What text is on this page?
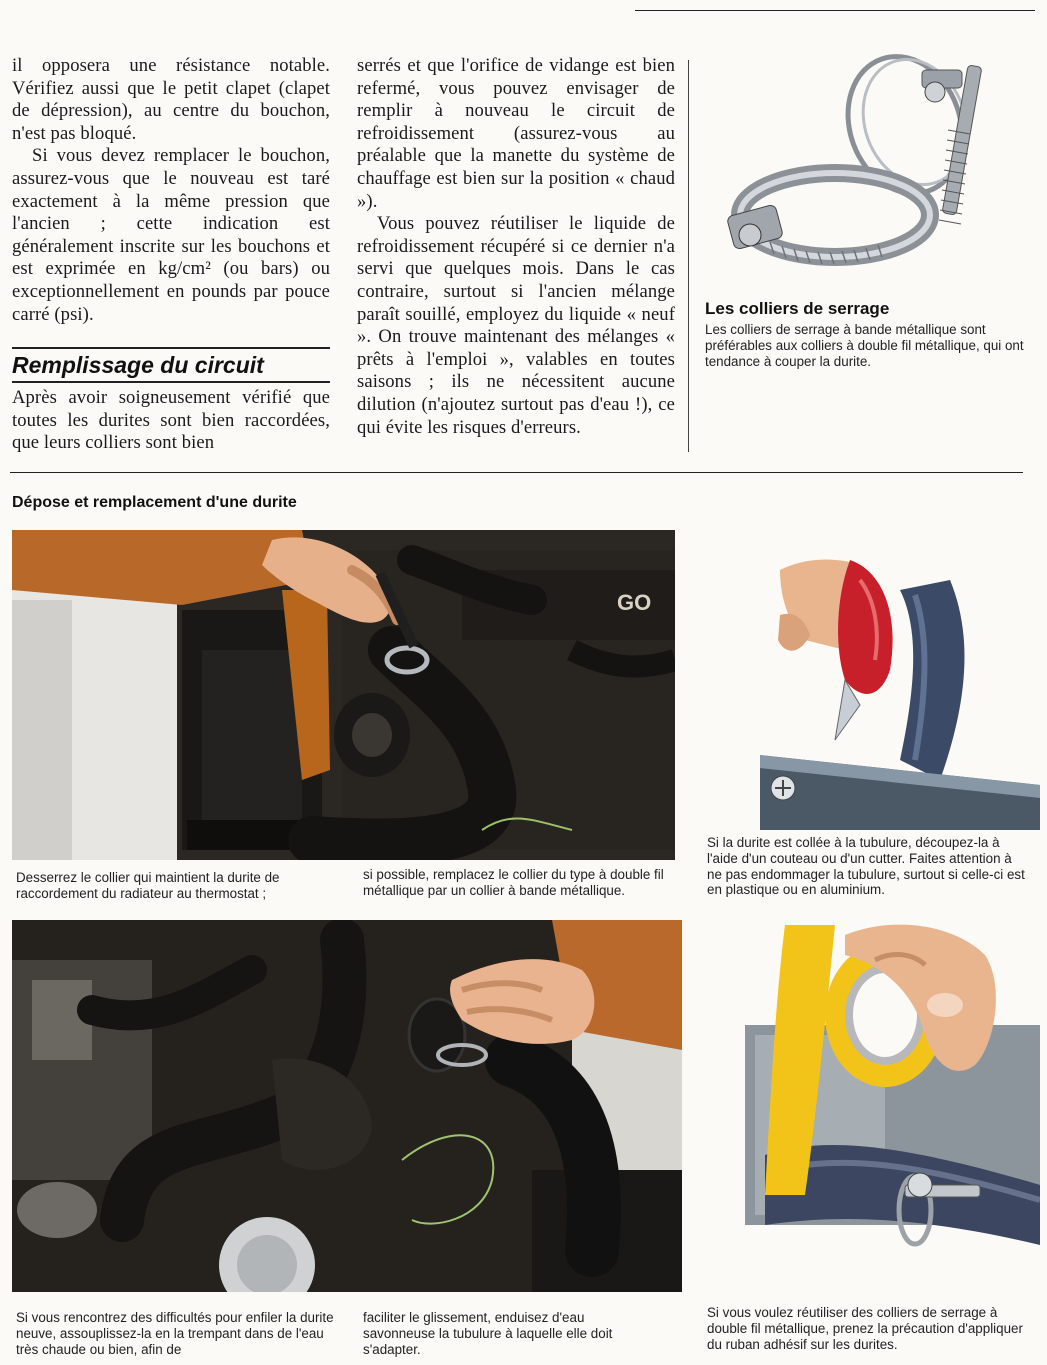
il opposera une résistance notable. Vérifiez aussi que le petit clapet (clapet de dépression), au centre du bouchon, n'est pas bloqué.

Si vous devez remplacer le bouchon, assurez-vous que le nouveau est taré exactement à la même pression que l'ancien ; cette indication est généralement inscrite sur les bouchons et est exprimée en kg/cm² (ou bars) ou exceptionnellement en pounds par pouce carré (psi).

Remplissage du circuit

Après avoir soigneusement vérifié que toutes les durites sont bien raccordées, que leurs colliers sont bien

serrés et que l'orifice de vidange est bien refermé, vous pouvez envisager de remplir à nouveau le circuit de refroidissement (assurez-vous au préalable que la manette du système de chauffage est bien sur la position « chaud »).

Vous pouvez réutiliser le liquide de refroidissement récupéré si ce dernier n'a servi que quelques mois. Dans le cas contraire, surtout si l'ancien mélange paraît souillé, employez du liquide « neuf ». On trouve maintenant des mélanges « prêts à l'emploi », valables en toutes saisons ; ils ne nécessitent aucune dilution (n'ajoutez surtout pas d'eau !), ce qui évite les risques d'erreurs.

Les colliers de serrage
Les colliers de serrage à bande métallique sont préférables aux colliers à double fil métallique, qui ont tendance à couper la durite.
Dépose et remplacement d'une durite
GO
Desserrez le collier qui maintient la durite de raccordement du radiateur au thermostat ;
si possible, remplacez le collier du type à double fil métallique par un collier à bande métallique.
Si la durite est collée à la tubulure, découpez-la à l'aide d'un couteau ou d'un cutter. Faites attention à ne pas endommager la tubulure, surtout si celle-ci est en plastique ou en aluminium.
Si vous rencontrez des difficultés pour enfiler la durite neuve, assouplissez-la en la trempant dans de l'eau très chaude ou bien, afin de
faciliter le glissement, enduisez d'eau savonneuse la tubulure à laquelle elle doit s'adapter.
Si vous voulez réutiliser des colliers de serrage à double fil métallique, prenez la précaution d'appliquer du ruban adhésif sur les durites.
